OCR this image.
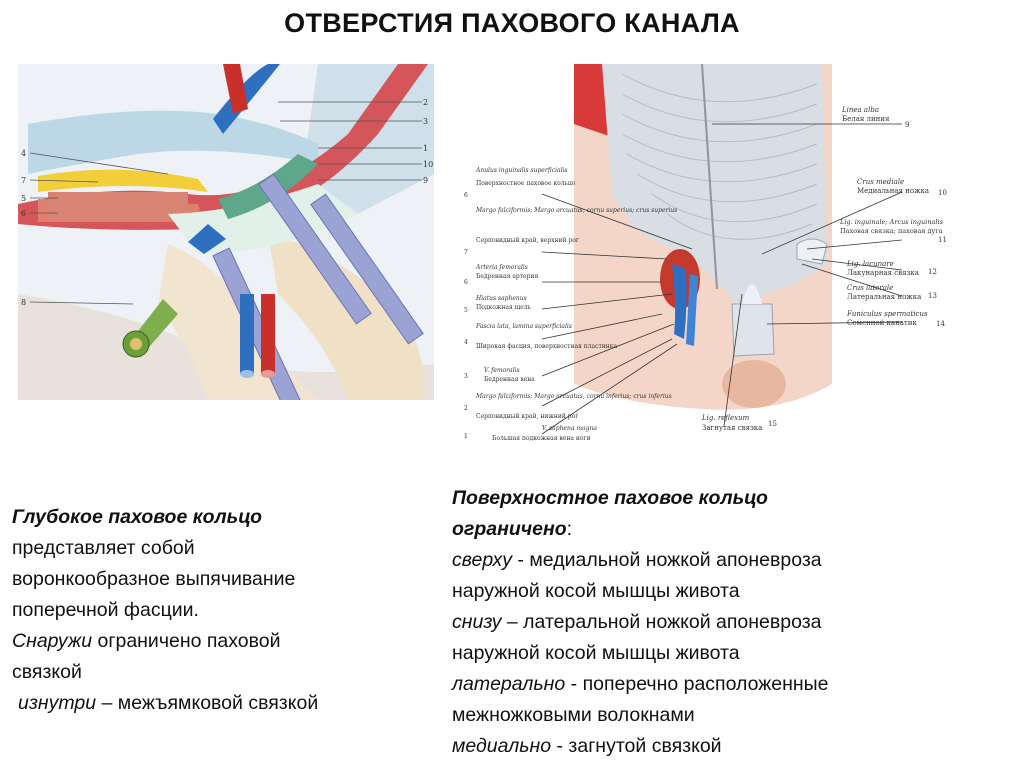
ОТВЕРСТИЯ ПАХОВОГО КАНАЛА
2
3
1
10
9
4
7
5
6
8
Linea alba
Белая линия
9
Crus mediale
Медиальная ножка 10
Lig. inguinale; Arcus inguinalis
Паховая связка; паховая дуга
11
Lig. lacunare
Лакунарная связка 12
Crus laterale
Латеральная ножка 13
Funiculus spermaticus
Семенной канатик	14
Lig. reflexum
Загнутая связка 15
Anulus inguinalis superficialis
Поверхностное паховое кольцо
6
Margo falciformis; Margo arcuatus, cornu superius; crus superius
Серповидный край, верхний рог
7
Arteria femoralis
Бедренная артерия
6
Hiatus saphenus
Подкожная щель
5
Fascia lata, lamina superficialis
Широкая фасция, поверхностная пластинка
4
V. femoralis
Бедренная вена
3
Margo falciformis; Margo arcuatus, cornu inferius; crus inferius
Серповидный край, нижний рог
2
V. saphena magna
Большая подкожная вена ноги
1
Глубокое паховое кольцо
представляет собой
воронкообразное выпячивание
поперечной фасции.
Снаружи ограничено паховой
связкой
изнутри – межъямковой связкой
Поверхностное паховое кольцо
ограничено:
сверху - медиальной ножкой апоневроза
наружной косой мышцы живота
снизу – латеральной ножкой апоневроза
наружной косой мышцы живота
латерально - поперечно расположенные
межножковыми волокнами
медиально - загнутой связкой
